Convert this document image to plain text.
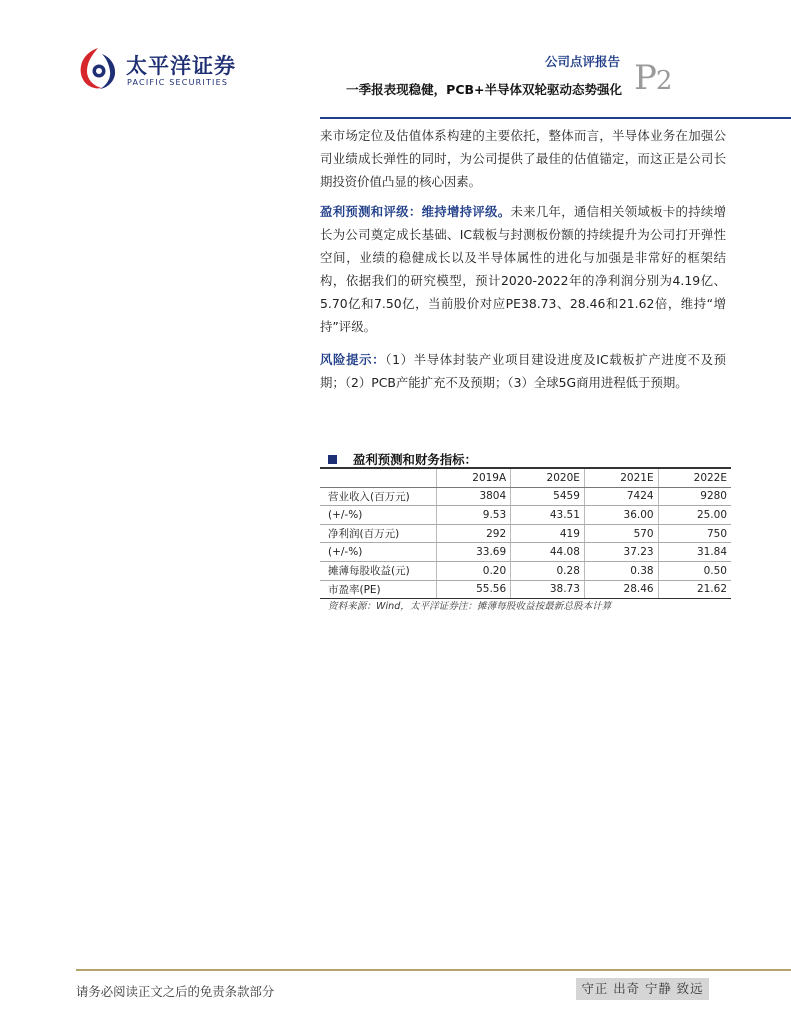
太平洋证券
PACIFIC SECURITIES
公司点评报告
一季报表现稳健，PCB+半导体双轮驱动态势强化 P2
来市场定位及估值体系构建的主要依托，整体而言，半导体业务在加强公司业绩成长弹性的同时，为公司提供了最佳的估值锚定，而这正是公司长期投资价值凸显的核心因素。
盈利预测和评级：维持增持评级。未来几年，通信相关领域板卡的持续增长为公司奠定成长基础、IC载板与封测板份额的持续提升为公司打开弹性空间，业绩的稳健成长以及半导体属性的进化与加强是非常好的框架结构，依据我们的研究模型，预计2020-2022年的净利润分别为4.19亿、5.70亿和7.50亿，当前股价对应PE38.73、28.46和21.62倍，维持“增持”评级。
风险提示：（1）半导体封装产业项目建设进度及IC载板扩产进度不及预期；（2）PCB产能扩充不及预期；（3）全球5G商用进程低于预期。
盈利预测和财务指标：
	2019A	2020E	2021E	2022E
营业收入(百万元)	3804	5459	7424	9280
(+/-%)	9.53	43.51	36.00	25.00
净利润(百万元)	292	419	570	750
(+/-%)	33.69	44.08	37.23	31.84
摊薄每股收益(元)	0.20	0.28	0.38	0.50
市盈率(PE)	55.56	38.73	28.46	21.62
资料来源：Wind，太平洋证券注：摊薄每股收益按最新总股本计算
请务必阅读正文之后的免责条款部分	守正 出奇 宁静 致远
